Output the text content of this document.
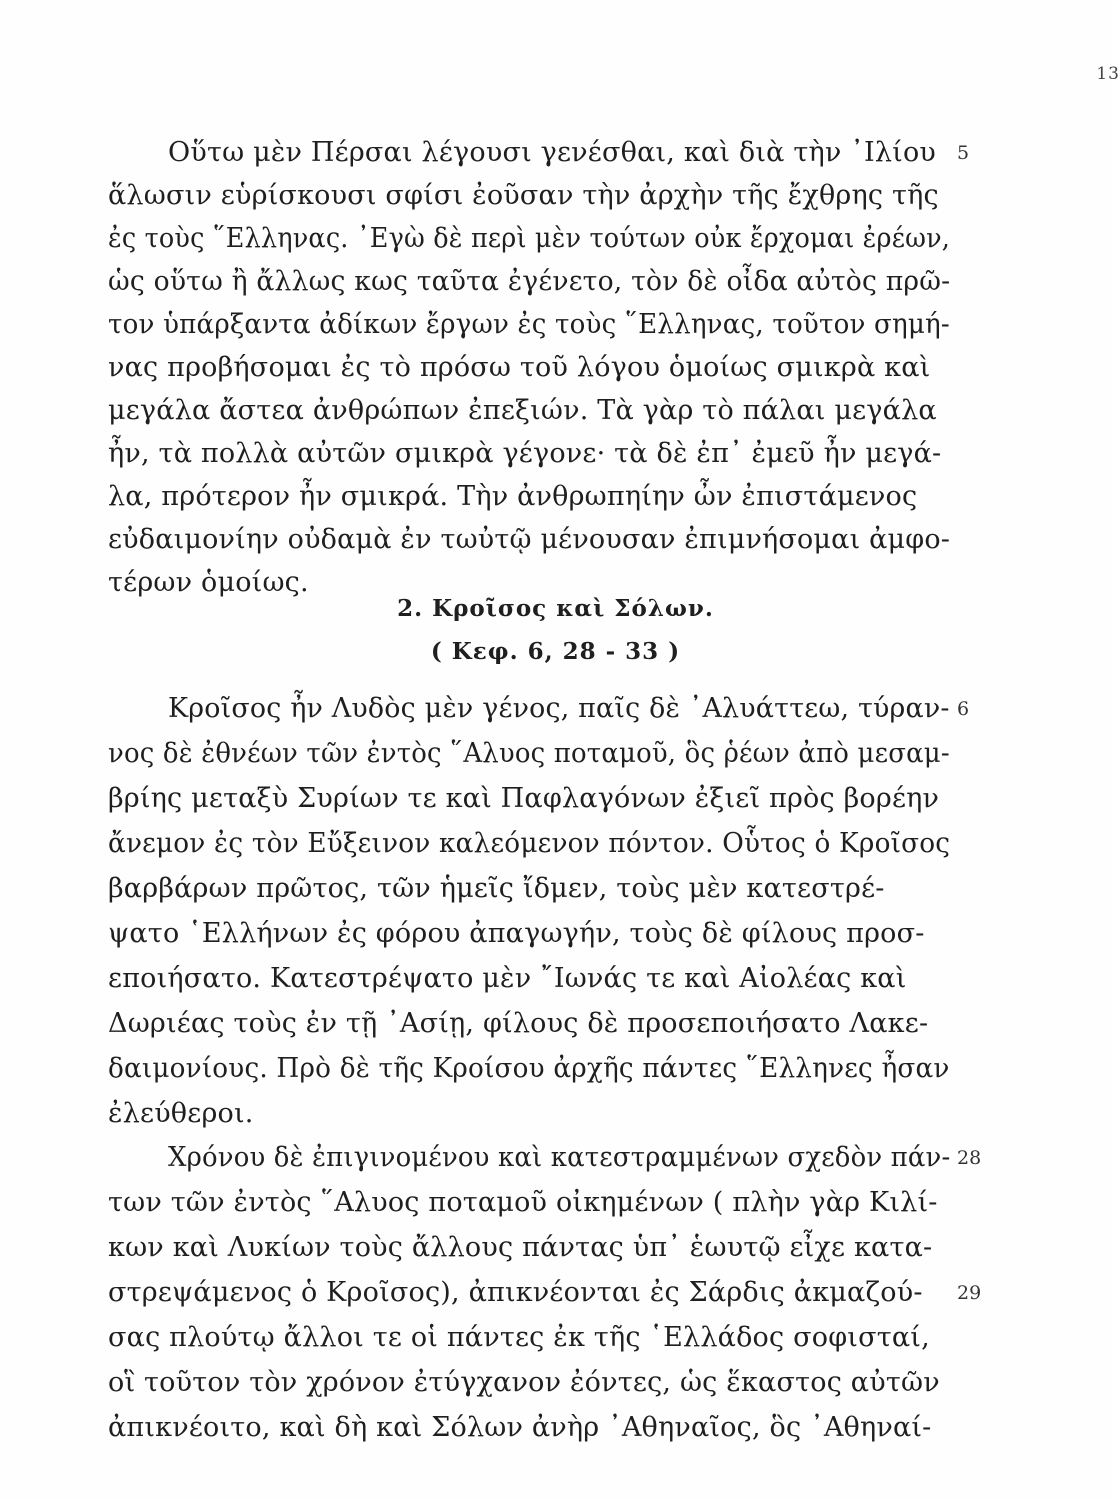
13
Οὕτω μὲν Πέρσαι λέγουσι γενέσθαι, καὶ διὰ τὴν ᾿Ιλίου
ἅλωσιν εὑρίσκουσι σφίσι ἐοῦσαν τὴν ἀρχὴν τῆς ἔχθρης τῆς
ἐς τοὺς ῞Ελληνας. ᾿Εγὼ δὲ περὶ μὲν τούτων οὐκ ἔρχομαι ἐρέων,
ὡς οὕτω ἢ ἄλλως κως ταῦτα ἐγένετο, τὸν δὲ οἶδα αὐτὸς πρῶ-
τον ὑπάρξαντα ἀδίκων ἔργων ἐς τοὺς ῞Ελληνας, τοῦτον σημή-
νας προβήσομαι ἐς τὸ πρόσω τοῦ λόγου ὁμοίως σμικρὰ καὶ
μεγάλα ἄστεα ἀνθρώπων ἐπεξιών. Τὰ γὰρ τὸ πάλαι μεγάλα
ἦν, τὰ πολλὰ αὐτῶν σμικρὰ γέγονε· τὰ δὲ ἐπ᾿ ἐμεῦ ἦν μεγά-
λα, πρότερον ἦν σμικρά. Τὴν ἀνθρωπηίην ὦν ἐπιστάμενος
εὐδαιμονίην οὐδαμὰ ἐν τωὐτῷ μένουσαν ἐπιμνήσομαι ἀμφο-
τέρων ὁμοίως.
5
2. Κροῖσος καὶ Σόλων.
( Κεφ. 6, 28 - 33 )
Κροῖσος ἦν Λυδὸς μὲν γένος, παῖς δὲ ᾿Αλυάττεω, τύραν-
νος δὲ ἐθνέων τῶν ἐντὸς ῞Αλυος ποταμοῦ, ὃς ῥέων ἀπὸ μεσαμ-
βρίης μεταξὺ Συρίων τε καὶ Παφλαγόνων ἐξιεῖ πρὸς βορέην
ἄνεμον ἐς τὸν Εὔξεινον καλεόμενον πόντον. Οὗτος ὁ Κροῖσος
βαρβάρων πρῶτος, τῶν ἡμεῖς ἴδμεν, τοὺς μὲν κατεστρέ-
ψατο ῾Ελλήνων ἐς φόρου ἀπαγωγήν, τοὺς δὲ φίλους προσ-
εποιήσατο. Κατεστρέψατο μὲν ῎Ιωνάς τε καὶ Αἰολέας καὶ
Δωριέας τοὺς ἐν τῇ ᾿Ασίῃ, φίλους δὲ προσεποιήσατο Λακε-
δαιμονίους. Πρὸ δὲ τῆς Κροίσου ἀρχῆς πάντες ῞Ελληνες ἦσαν
ἐλεύθεροι.
6
Χρόνου δὲ ἐπιγινομένου καὶ κατεστραμμένων σχεδὸν πάν-
των τῶν ἐντὸς ῞Αλυος ποταμοῦ οἰκημένων ( πλὴν γὰρ Κιλί-
κων καὶ Λυκίων τοὺς ἄλλους πάντας ὑπ᾿ ἑωυτῷ εἶχε κατα-
στρεψάμενος ὁ Κροῖσος), ἀπικνέονται ἐς Σάρδις ἀκμαζού-
σας πλούτῳ ἄλλοι τε οἱ πάντες ἐκ τῆς ῾Ελλάδος σοφισταί,
οἳ τοῦτον τὸν χρόνον ἐτύγχανον ἐόντες, ὡς ἕκαστος αὐτῶν
ἀπικνέοιτο, καὶ δὴ καὶ Σόλων ἀνὴρ ᾿Αθηναῖος, ὃς ᾿Αθηναί-
28
29
